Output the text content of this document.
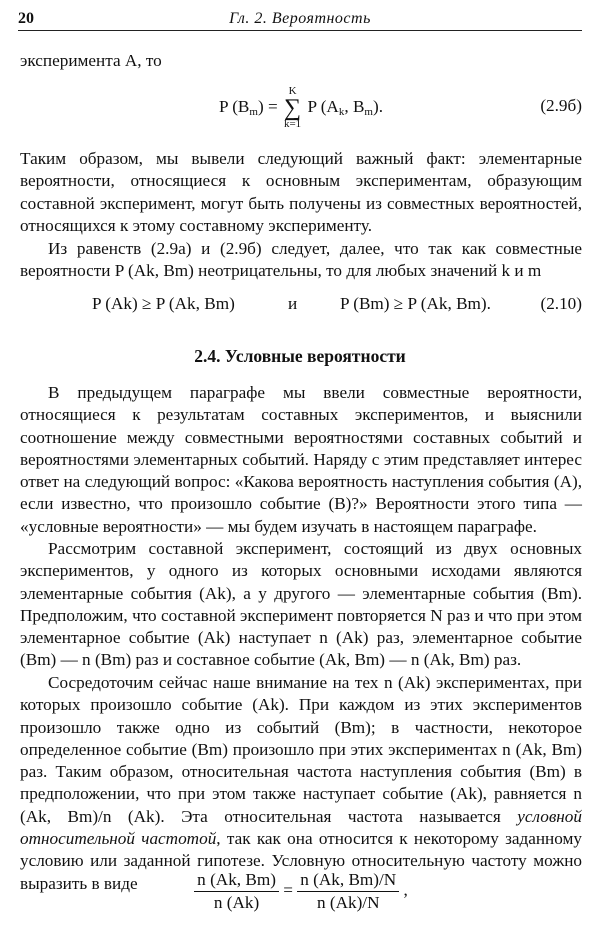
20	Гл. 2. Вероятность

эксперимента A, то

P $(B_m) = K$
∑
k=1 P ($A_k$, $B_m$).	(2.9б)

Таким образом, мы вывели следующий важный факт: элементарные вероятности, относящиеся к основным экспериментам, образующим составной эксперимент, могут быть получены из совместных вероятностей, относящихся к этому составному эксперименту.

Из равенств (2.9а) и (2.9б) следует, далее, что так как совместные вероятности P (Ak, Bm) неотрицательны, то для любых значений k и m

P (Ak) ≥ P (Ak, Bm)	и P (Bm) ≥ P (Ak, Bm).	(2.10)
2.4. Условные вероятности

В предыдущем параграфе мы ввели совместные вероятности, относящиеся к результатам составных экспериментов, и выяснили соотношение между совместными вероятностями составных событий и вероятностями элементарных событий. Наряду с этим представляет интерес ответ на следующий вопрос: «Какова вероятность наступления события (A), если известно, что произошло событие (B)?» Вероятности этого типа — «условные вероятности» — мы будем изучать в настоящем параграфе.

Рассмотрим составной эксперимент, состоящий из двух основных экспериментов, у одного из которых основными исходами являются элементарные события (Ak), а у другого — элементарные события (Bm). Предположим, что составной эксперимент повторяется N раз и что при этом элементарное событие (Ak) наступает n (Ak) раз, элементарное событие (Bm) — n (Bm) раз и составное событие (Ak, Bm) — n (Ak, Bm) раз.

Сосредоточим сейчас наше внимание на тех n (Ak) экспериментах, при которых произошло событие (Ak). При каждом из этих экспериментов произошло также одно из событий (Bm); в частности, некоторое определенное событие (Bm) произошло при этих экспериментах n (Ak, Bm) раз. Таким образом, относительная частота наступления события (Bm) в предположении, что при этом также наступает событие (Ak), равняется n (Ak, Bm)/n (Ak). Эта относительная частота называется условной относительной частотой, так как она относится к некоторому заданному условию или заданной гипотезе. Условную относительную частоту можно выразить в виде	$\frac{n (Ak, Bm)}{n (Ak)} = \frac{n (Ak, Bm)/N}{n (Ak)/N}$ ,
